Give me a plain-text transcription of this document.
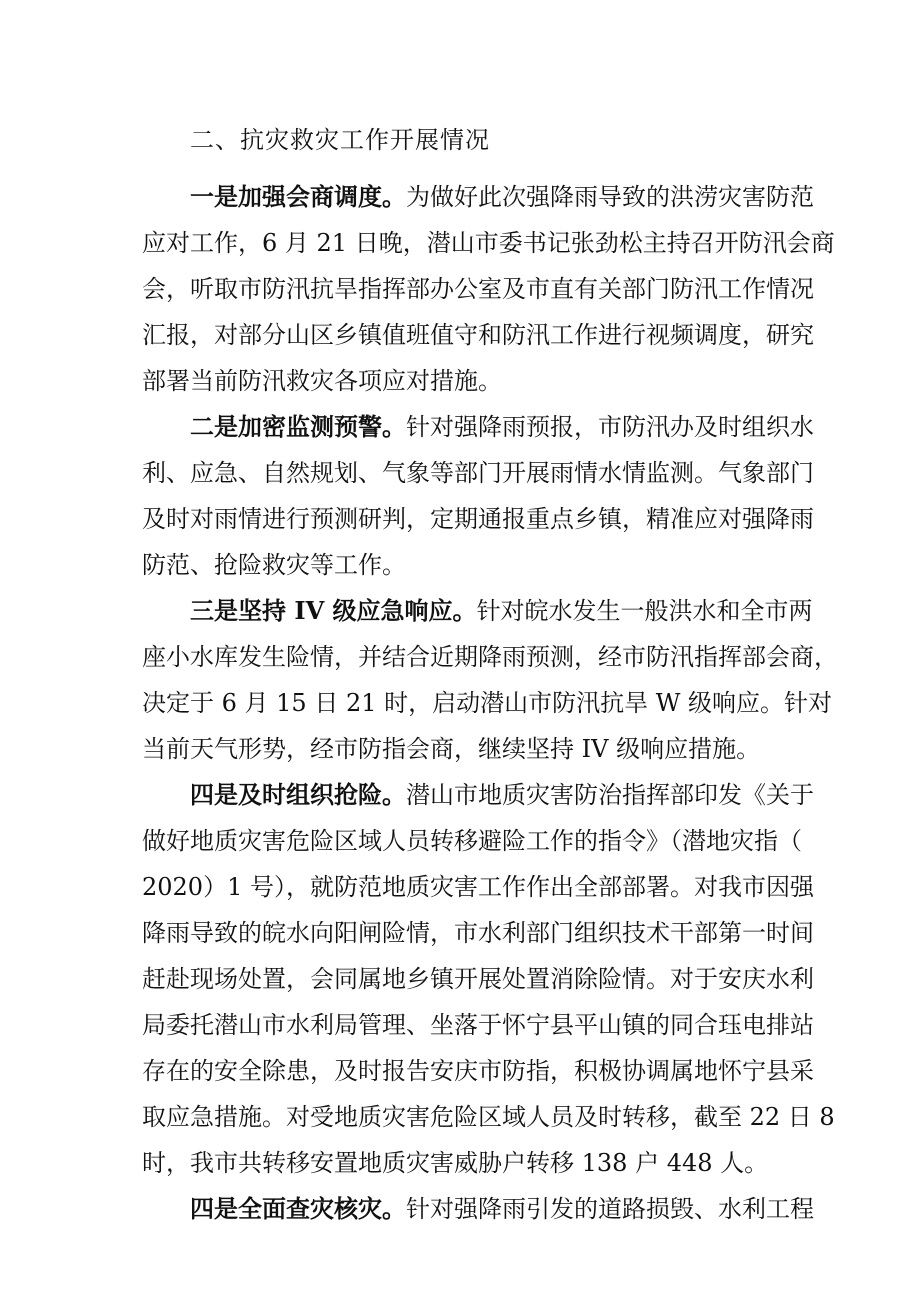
二、抗灾救灾工作开展情况
一是加强会商调度。为做好此次强降雨导致的洪涝灾害防范
应对工作，6 月 21 日晚，潜山市委书记张劲松主持召开防汛会商
会，听取市防汛抗旱指挥部办公室及市直有关部门防汛工作情况
汇报，对部分山区乡镇值班值守和防汛工作进行视频调度，研究
部署当前防汛救灾各项应对措施。
二是加密监测预警。针对强降雨预报，市防汛办及时组织水
利、应急、自然规划、气象等部门开展雨情水情监测。气象部门
及时对雨情进行预测研判，定期通报重点乡镇，精准应对强降雨
防范、抢险救灾等工作。
三是坚持 IV 级应急响应。针对皖水发生一般洪水和全市两
座小水库发生险情，并结合近期降雨预测，经市防汛指挥部会商，
决定于 6 月 15 日 21 时，启动潜山市防汛抗旱 W 级响应。针对
当前天气形势，经市防指会商，继续坚持 IV 级响应措施。
四是及时组织抢险。潜山市地质灾害防治指挥部印发《关于
做好地质灾害危险区域人员转移避险工作的指令》（潜地灾指（
2020）1 号），就防范地质灾害工作作出全部部署。对我市因强
降雨导致的皖水向阳闸险情，市水利部门组织技术干部第一时间
赶赴现场处置，会同属地乡镇开展处置消除险情。对于安庆水利
局委托潜山市水利局管理、坐落于怀宁县平山镇的同合珏电排站
存在的安全除患，及时报告安庆市防指，积极协调属地怀宁县采
取应急措施。对受地质灾害危险区域人员及时转移，截至 22 日 8
时，我市共转移安置地质灾害威胁户转移 138 户 448 人。
四是全面查灾核灾。针对强降雨引发的道路损毁、水利工程
